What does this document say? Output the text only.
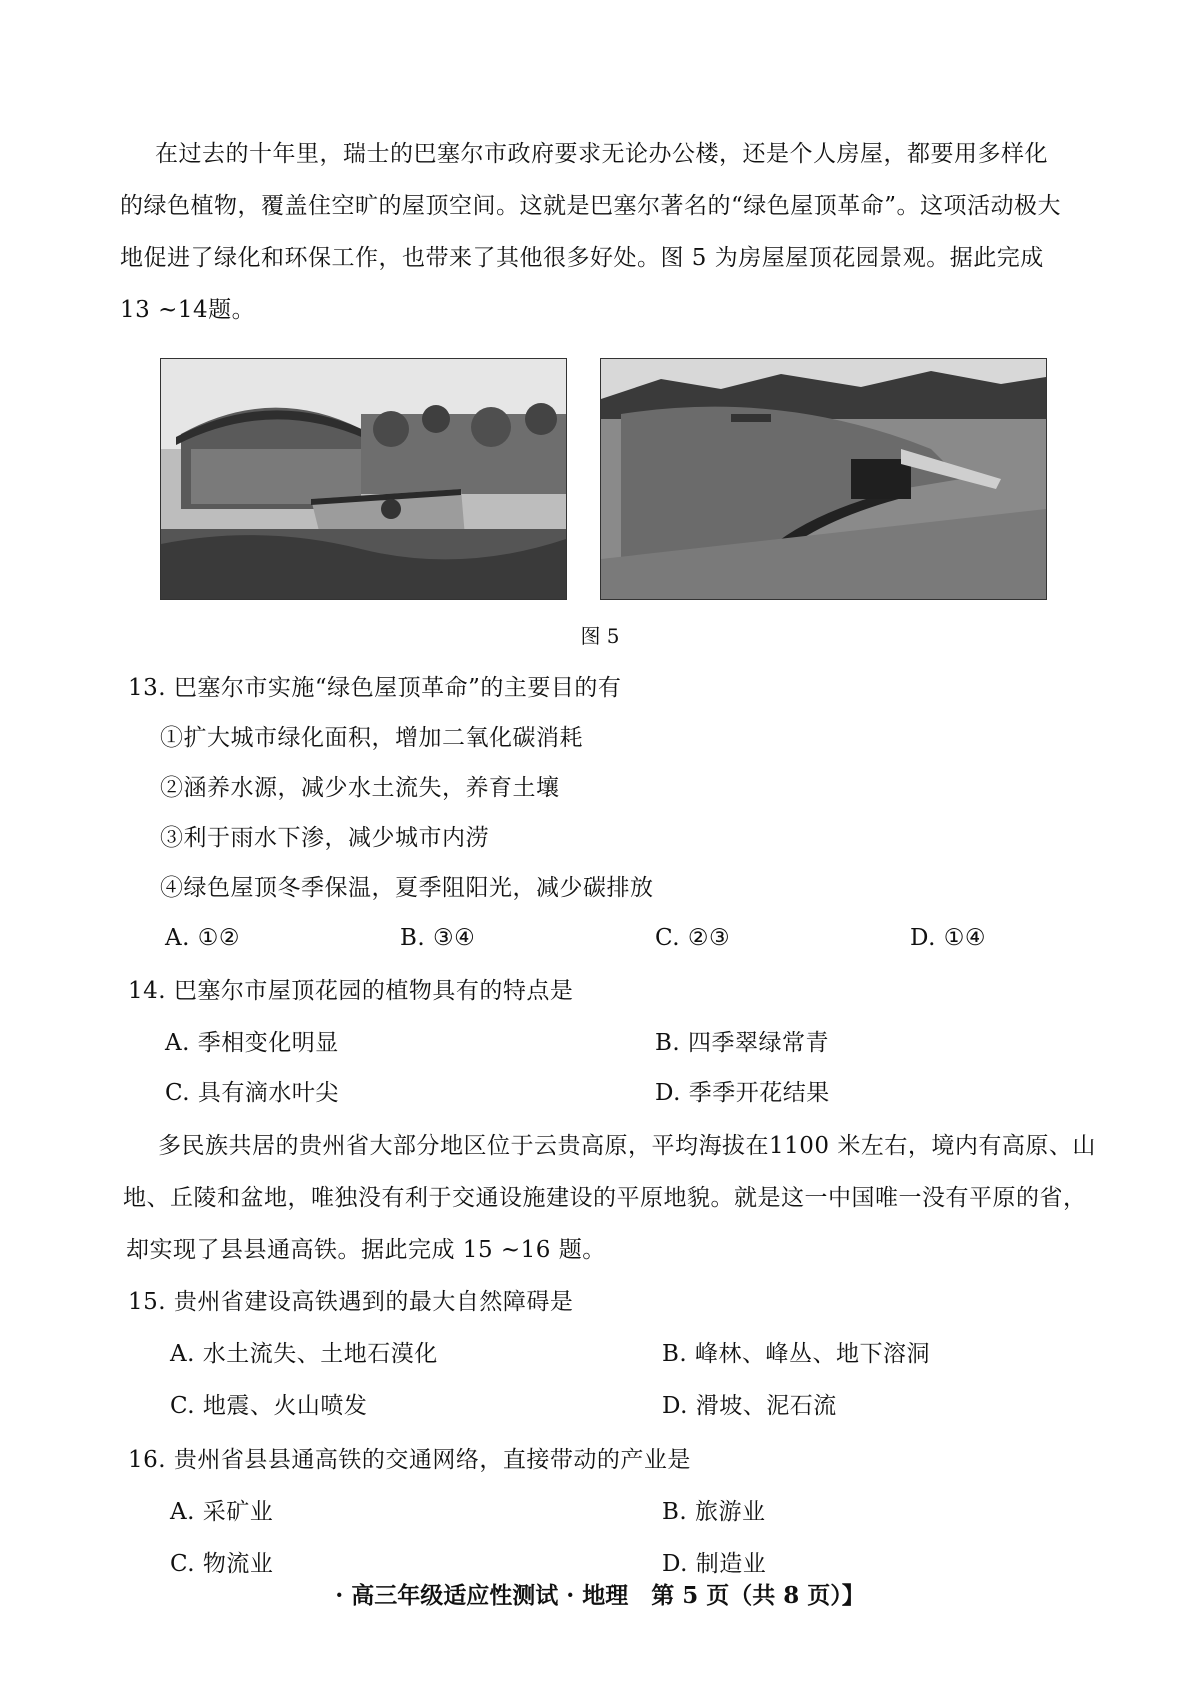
在过去的十年里，瑞士的巴塞尔市政府要求无论办公楼，还是个人房屋，都要用多样化
的绿色植物，覆盖住空旷的屋顶空间。这就是巴塞尔著名的“绿色屋顶革命”。这项活动极大
地促进了绿化和环保工作，也带来了其他很多好处。图 5 为房屋屋顶花园景观。据此完成
13 ~14题。
图 5
13. 巴塞尔市实施“绿色屋顶革命”的主要目的有
①扩大城市绿化面积，增加二氧化碳消耗
②涵养水源，减少水土流失，养育土壤
③利于雨水下渗，减少城市内涝
④绿色屋顶冬季保温，夏季阻阳光，减少碳排放
A. ①②	B. ③④	C. ②③	D. ①④
14. 巴塞尔市屋顶花园的植物具有的特点是
A. 季相变化明显	B. 四季翠绿常青
C. 具有滴水叶尖	D. 季季开花结果
多民族共居的贵州省大部分地区位于云贵高原，平均海拔在1100 米左右，境内有高原、山
地、丘陵和盆地，唯独没有利于交通设施建设的平原地貌。就是这一中国唯一没有平原的省，
却实现了县县通高铁。据此完成 15 ~16 题。
15. 贵州省建设高铁遇到的最大自然障碍是
A. 水土流失、土地石漠化	B. 峰林、峰丛、地下溶洞
C. 地震、火山喷发	D. 滑坡、泥石流
16. 贵州省县县通高铁的交通网络，直接带动的产业是
A. 采矿业	B. 旅游业
C. 物流业	D. 制造业
· 高三年级适应性测试 · 地理　第 5 页（共 8 页）】
